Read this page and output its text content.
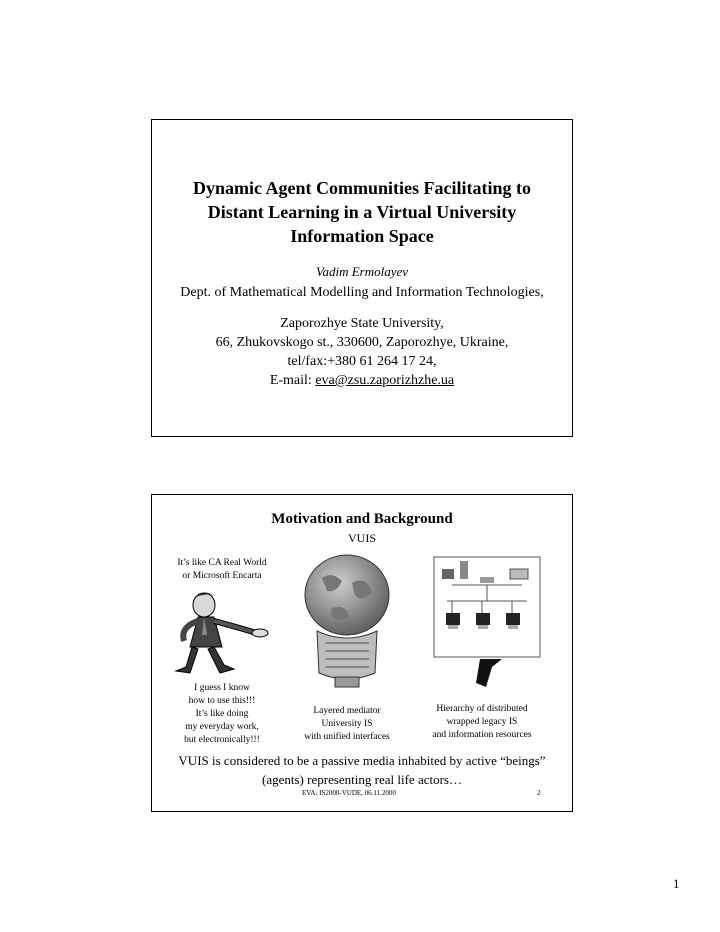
Dynamic Agent Communities Facilitating to
Distant Learning in a Virtual University
Information Space
Vadim Ermolayev
Dept. of Mathematical Modelling and Information Technologies,
Zaporozhye State University,
66, Zhukovskogo st., 330600, Zaporozhye, Ukraine,
tel/fax:+380 61 264 17 24,
E-mail: eva@zsu.zaporizhzhe.ua
Motivation and Background
VUIS
It’s like CA Real World
or Microsoft Encarta
I guess I know
how to use this!!!
It’s like doing
my everyday work,
but electronically!!!
Layered mediator
University IS
with unified interfaces
Hierarchy of distributed
wrapped legacy IS
and information resources
VUIS is considered to be a passive media inhabited by active “beings”
(agents) representing real life actors…
EVA: IS2000-VUDE, 06.11.2000	2
1
